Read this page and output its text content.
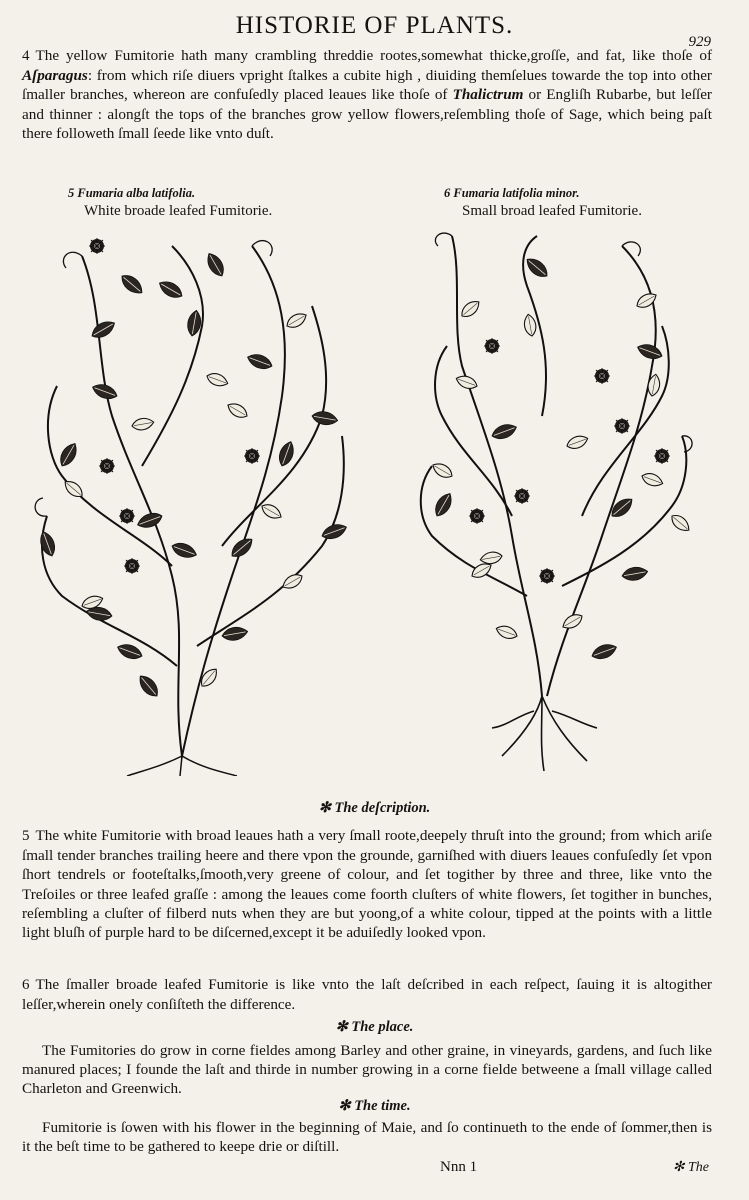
HISTORIE OF PLANTS.
929

4 The yellow Fumitorie hath many crambling threddie rootes,somewhat thicke,groſſe, and fat, like thoſe of Aſparagus: from which riſe diuers vpright ſtalkes a cubite high , diuiding themſelues towarde the top into other ſmaller branches, whereon are confuſedly placed leaues like thoſe of Thalictrum or Engliſh Rubarbe, but leſſer and thinner : alongſt the tops of the branches grow yellow flowers,reſembling thoſe of Sage, which being paſt there followeth ſmall ſeede like vnto duſt.

5 Fumaria alba latifolia.
White broade leafed Fumitorie.
6 Fumaria latifolia minor.
Small broad leafed Fumitorie.
✻ The deſcription.

5 The white Fumitorie with broad leaues hath a very ſmall roote,deepely thruſt into the ground; from which ariſe ſmall tender branches trailing heere and there vpon the grounde, garniſhed with diuers leaues confuſedly ſet vpon ſhort tendrels or footeſtalks,ſmooth,very greene of colour, and ſet togither by three and three, like vnto the Treſoiles or three leafed graſſe : among the leaues come foorth cluſters of white flowers, ſet togither in bunches, reſembling a cluſter of filberd nuts when they are but yoong,of a white colour, tipped at the points with a little light bluſh of purple hard to be diſcerned,except it be aduiſedly looked vpon.

6 The ſmaller broade leafed Fumitorie is like vnto the laſt deſcribed in each reſpect, ſauing it is altogither leſſer,wherein onely conſiſteth the difference.

✻ The place.

The Fumitories do grow in corne fieldes among Barley and other graine, in vineyards, gardens, and ſuch like manured places; I founde the laſt and thirde in number growing in a corne fielde betweene a ſmall village called Charleton and Greenwich.

✻ The time.

Fumitorie is ſowen with his flower in the beginning of Maie, and ſo continueth to the ende of ſommer,then is it the beſt time to be gathered to keepe drie or diſtill.

Nnn 1	✻ The
